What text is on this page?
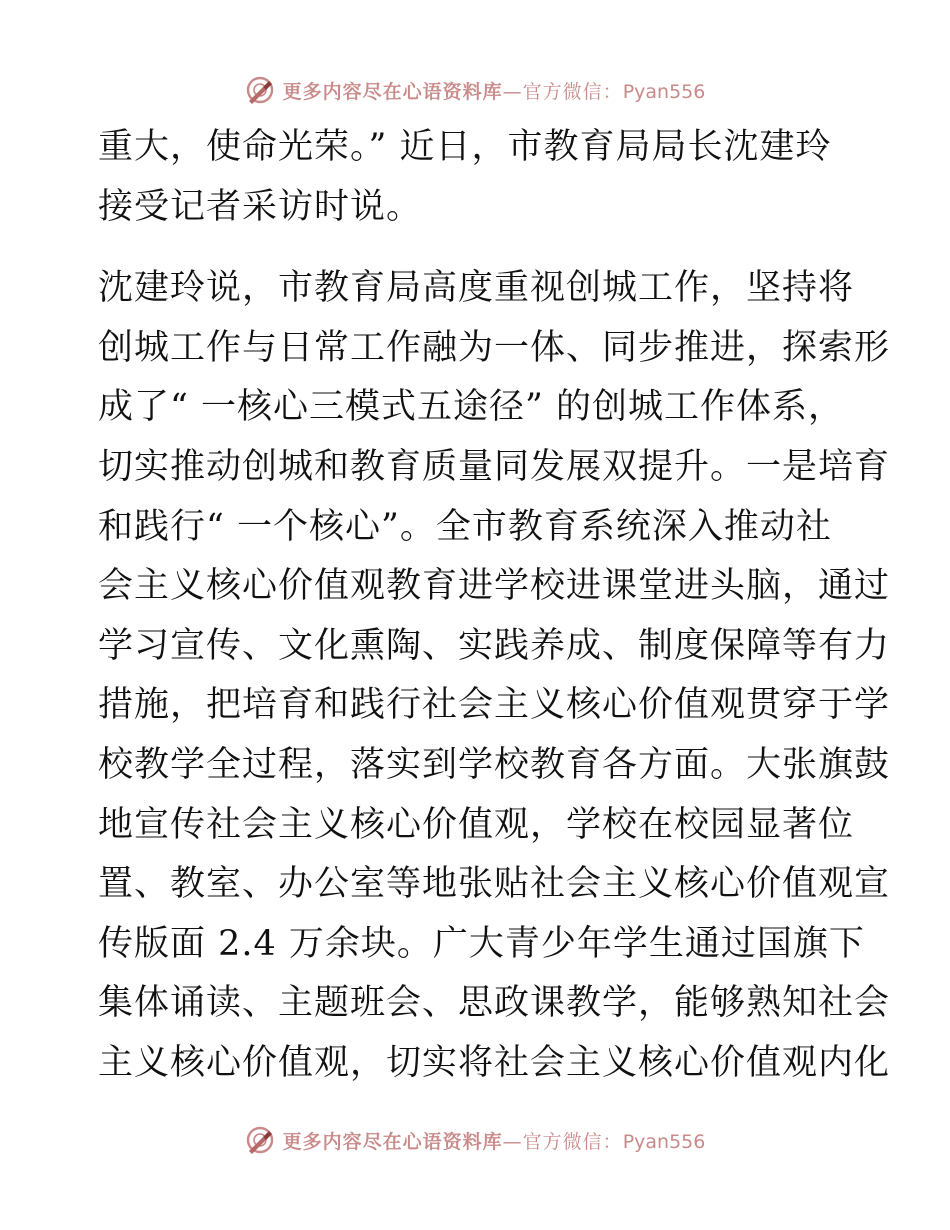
更多内容尽在心语资料库—官方微信：Pyan556
重大，使命光荣。” 近日，市教育局局长沈建玲
接受记者采访时说。
沈建玲说，市教育局高度重视创城工作，坚持将
创城工作与日常工作融为一体、同步推进，探索形
成了“ 一核心三模式五途径” 的创城工作体系，
切实推动创城和教育质量同发展双提升。一是培育
和践行“ 一个核心”。全市教育系统深入推动社
会主义核心价值观教育进学校进课堂进头脑，通过
学习宣传、文化熏陶、实践养成、制度保障等有力
措施，把培育和践行社会主义核心价值观贯穿于学
校教学全过程，落实到学校教育各方面。大张旗鼓
地宣传社会主义核心价值观，学校在校园显著位
置、教室、办公室等地张贴社会主义核心价值观宣
传版面 2.4 万余块。广大青少年学生通过国旗下
集体诵读、主题班会、思政课教学，能够熟知社会
主义核心价值观，切实将社会主义核心价值观内化
更多内容尽在心语资料库—官方微信：Pyan556
